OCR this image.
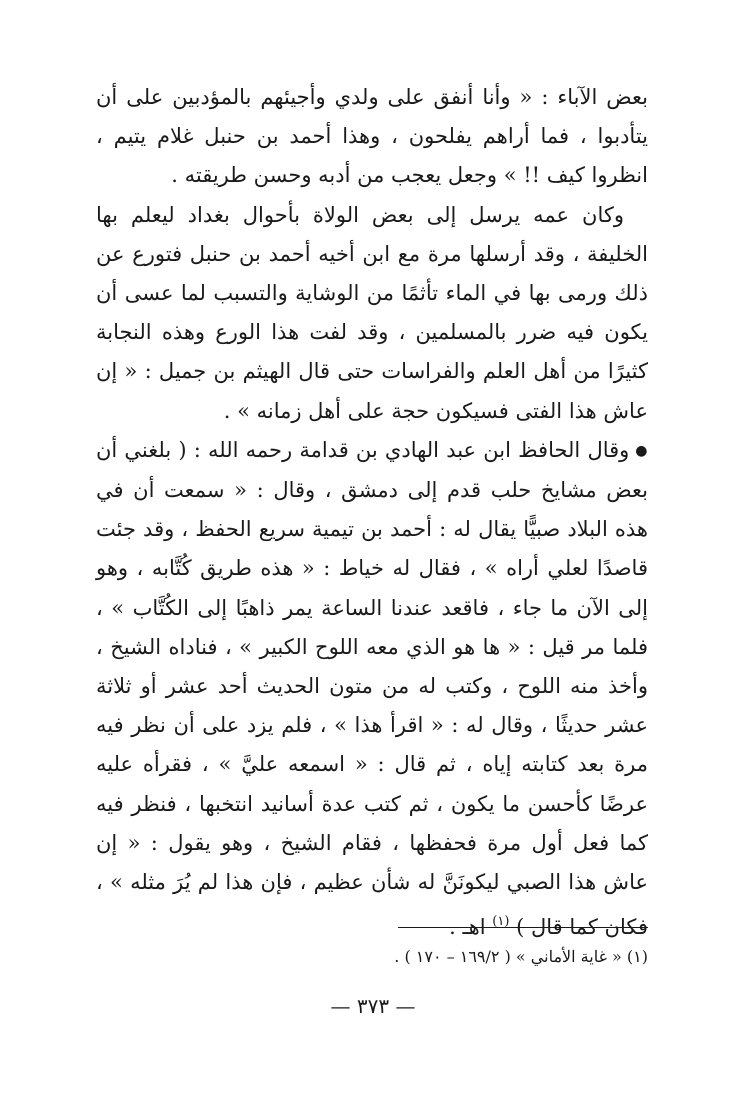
بعض الآباء : « وأنا أنفق على ولدي وأجيئهم بالمؤدبين على أن يتأدبوا ، فما أراهم يفلحون ، وهذا أحمد بن حنبل غلام يتيم ، انظروا كيف !! » وجعل يعجب من أدبه وحسن طريقته .

وكان عمه يرسل إلى بعض الولاة بأحوال بغداد ليعلم بها الخليفة ، وقد أرسلها مرة مع ابن أخيه أحمد بن حنبل فتورع عن ذلك ورمى بها في الماء تأثمًا من الوشاية والتسبب لما عسى أن يكون فيه ضرر بالمسلمين ، وقد لفت هذا الورع وهذه النجابة كثيرًا من أهل العلم والفراسات حتى قال الهيثم بن جميل : « إن عاش هذا الفتى فسيكون حجة على أهل زمانه » .

●وقال الحافظ ابن عبد الهادي بن قدامة رحمه الله : ( بلغني أن بعض مشايخ حلب قدم إلى دمشق ، وقال : « سمعت أن في هذه البلاد صبيًّا يقال له : أحمد بن تيمية سريع الحفظ ، وقد جئت قاصدًا لعلي أراه » ، فقال له خياط : « هذه طريق كُتَّابه ، وهو إلى الآن ما جاء ، فاقعد عندنا الساعة يمر ذاهبًا إلى الكُتَّاب » ، فلما مر قيل : « ها هو الذي معه اللوح الكبير » ، فناداه الشيخ ، وأخذ منه اللوح ، وكتب له من متون الحديث أحد عشر أو ثلاثة عشر حديثًا ، وقال له : « اقرأ هذا » ، فلم يزد على أن نظر فيه مرة بعد كتابته إياه ، ثم قال : « اسمعه عليَّ » ، فقرأه عليه عرضًا كأحسن ما يكون ، ثم كتب عدة أسانيد انتخبها ، فنظر فيه كما فعل أول مرة فحفظها ، فقام الشيخ ، وهو يقول : « إن عاش هذا الصبي ليكونَنَّ له شأن عظيم ، فإن هذا لم يُرَ مثله » ، فكان كما قال ) $^{(١)}$ اهـ .

(١) « غاية الأماني » ( ١٦٩/٢ – ١٧٠ ) .
— ٣٧٣ —
